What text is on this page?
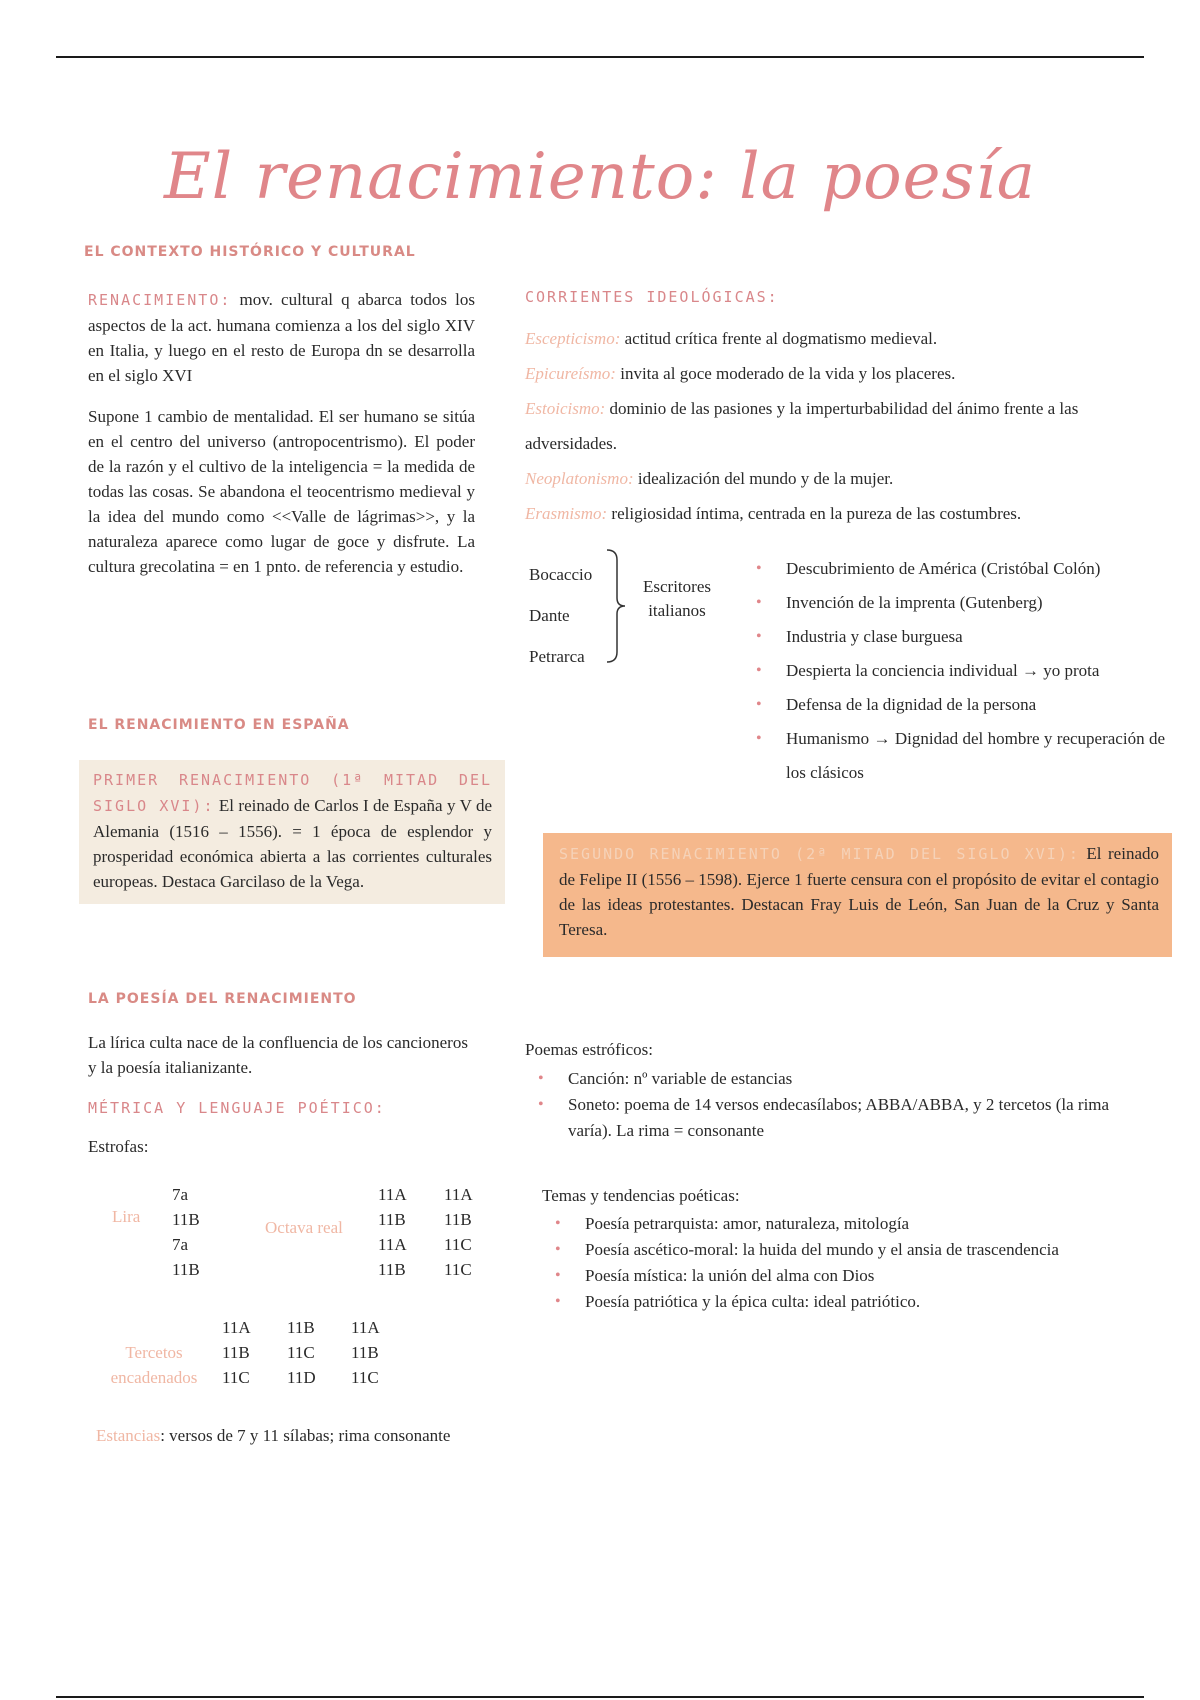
El renacimiento: la poesía
EL CONTEXTO HISTÓRICO Y CULTURAL
RENACIMIENTO: mov. cultural q abarca todos los aspectos de la act. humana comienza a los del siglo XIV en Italia, y luego en el resto de Europa dn se desarrolla en el siglo XVI
Supone 1 cambio de mentalidad. El ser humano se sitúa en el centro del universo (antropocentrismo). El poder de la razón y el cultivo de la inteligencia = la medida de todas las cosas. Se abandona el teocentrismo medieval y la idea del mundo como <<Valle de lágrimas>>, y la naturaleza aparece como lugar de goce y disfrute. La cultura grecolatina = en 1 pnto. de referencia y estudio.
CORRIENTES IDEOLÓGICAS:
Escepticismo: actitud crítica frente al dogmatismo medieval.
Epicureísmo: invita al goce moderado de la vida y los placeres.
Estoicismo: dominio de las pasiones y la imperturbabilidad del ánimo frente a las adversidades.
Neoplatonismo: idealización del mundo y de la mujer.
Erasmismo: religiosidad íntima, centrada en la pureza de las costumbres.
Bocaccio
Dante
Petrarca
Escritores italianos
• Descubrimiento de América (Cristóbal Colón)
• Invención de la imprenta (Gutenberg)
• Industria y clase burguesa
• Despierta la conciencia individual → yo prota
• Defensa de la dignidad de la persona
• Humanismo → Dignidad del hombre y recuperación de los clásicos
EL RENACIMIENTO EN ESPAÑA
PRIMER RENACIMIENTO (1ª MITAD DEL SIGLO XVI): El reinado de Carlos I de España y V de Alemania (1516 – 1556). = 1 época de esplendor y prosperidad económica abierta a las corrientes culturales europeas. Destaca Garcilaso de la Vega.
SEGUNDO RENACIMIENTO (2ª MITAD DEL SIGLO XVI): El reinado de Felipe II (1556 – 1598). Ejerce 1 fuerte censura con el propósito de evitar el contagio de las ideas protestantes. Destacan Fray Luis de León, San Juan de la Cruz y Santa Teresa.
LA POESÍA DEL RENACIMIENTO
La lírica culta nace de la confluencia de los cancioneros y la poesía italianizante.
MÉTRICA Y LENGUAJE POÉTICO:
Estrofas:
Lira
7a
11B
7a
11B
Octava real
11A
11B
11A
11B
11A
11B
11C
11C
Tercetos encadenados
11A
11B
11C
11B
11C
11D
11A
11B
11C
Estancias: versos de 7 y 11 sílabas; rima consonante
Poemas estróficos:
• Canción: nº variable de estancias
• Soneto: poema de 14 versos endecasílabos; ABBA/ABBA, y 2 tercetos (la rima varía). La rima = consonante
Temas y tendencias poéticas:
• Poesía petrarquista: amor, naturaleza, mitología
• Poesía ascético-moral: la huida del mundo y el ansia de trascendencia
• Poesía mística: la unión del alma con Dios
• Poesía patriótica y la épica culta: ideal patriótico.
